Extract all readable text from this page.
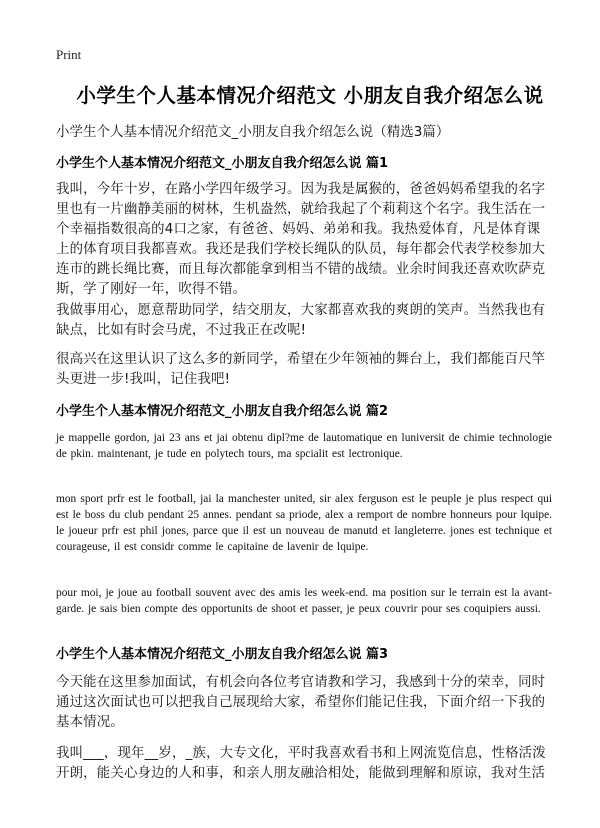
Print
小学生个人基本情况介绍范文 小朋友自我介绍怎么说
小学生个人基本情况介绍范文_小朋友自我介绍怎么说（精选3篇）
小学生个人基本情况介绍范文_小朋友自我介绍怎么说 篇1
我叫，今年十岁，在路小学四年级学习。因为我是属猴的，爸爸妈妈希望我的名字里也有一片幽静美丽的树林，生机盎然，就给我起了个莉莉这个名字。我生活在一个幸福指数很高的4口之家，有爸爸、妈妈、弟弟和我。我热爱体育，凡是体育课上的体育项目我都喜欢。我还是我们学校长绳队的队员，每年都会代表学校参加大连市的跳长绳比赛，而且每次都能拿到相当不错的战绩。业余时间我还喜欢吹萨克斯，学了刚好一年，吹得不错。
我做事用心，愿意帮助同学，结交朋友，大家都喜欢我的爽朗的笑声。当然我也有缺点，比如有时会马虎，不过我正在改呢!
很高兴在这里认识了这么多的新同学，希望在少年领袖的舞台上，我们都能百尺竿头更进一步!我叫，记住我吧!
小学生个人基本情况介绍范文_小朋友自我介绍怎么说 篇2
je mappelle gordon, jai 23 ans et jai obtenu dipl?me de lautomatique en luniversit de chimie technologie de pkin. maintenant, je tude en polytech tours, ma spcialit est lectronique.
mon sport prfr est le football, jai la manchester united, sir alex ferguson est le peuple je plus respect qui est le boss du club pendant 25 annes. pendant sa priode, alex a remport de nombre honneurs pour lquipe. le joueur prfr est phil jones, parce que il est un nouveau de manutd et langleterre. jones est technique et courageuse, il est considr comme le capitaine de lavenir de lquipe.
pour moi, je joue au football souvent avec des amis les week-end. ma position sur le terrain est la avant-garde. je sais bien compte des opportunits de shoot et passer, je peux couvrir pour ses coquipiers aussi.
小学生个人基本情况介绍范文_小朋友自我介绍怎么说 篇3
今天能在这里参加面试，有机会向各位考官请教和学习，我感到十分的荣幸，同时通过这次面试也可以把我自己展现给大家，希望你们能记住我，下面介绍一下我的基本情况。
我叫___，现年__岁，_族，大专文化，平时我喜欢看书和上网流览信息，性格活泼开朗，能关心身边的人和事，和亲人朋友融洽相处，能做到理解和原谅，我对生活
